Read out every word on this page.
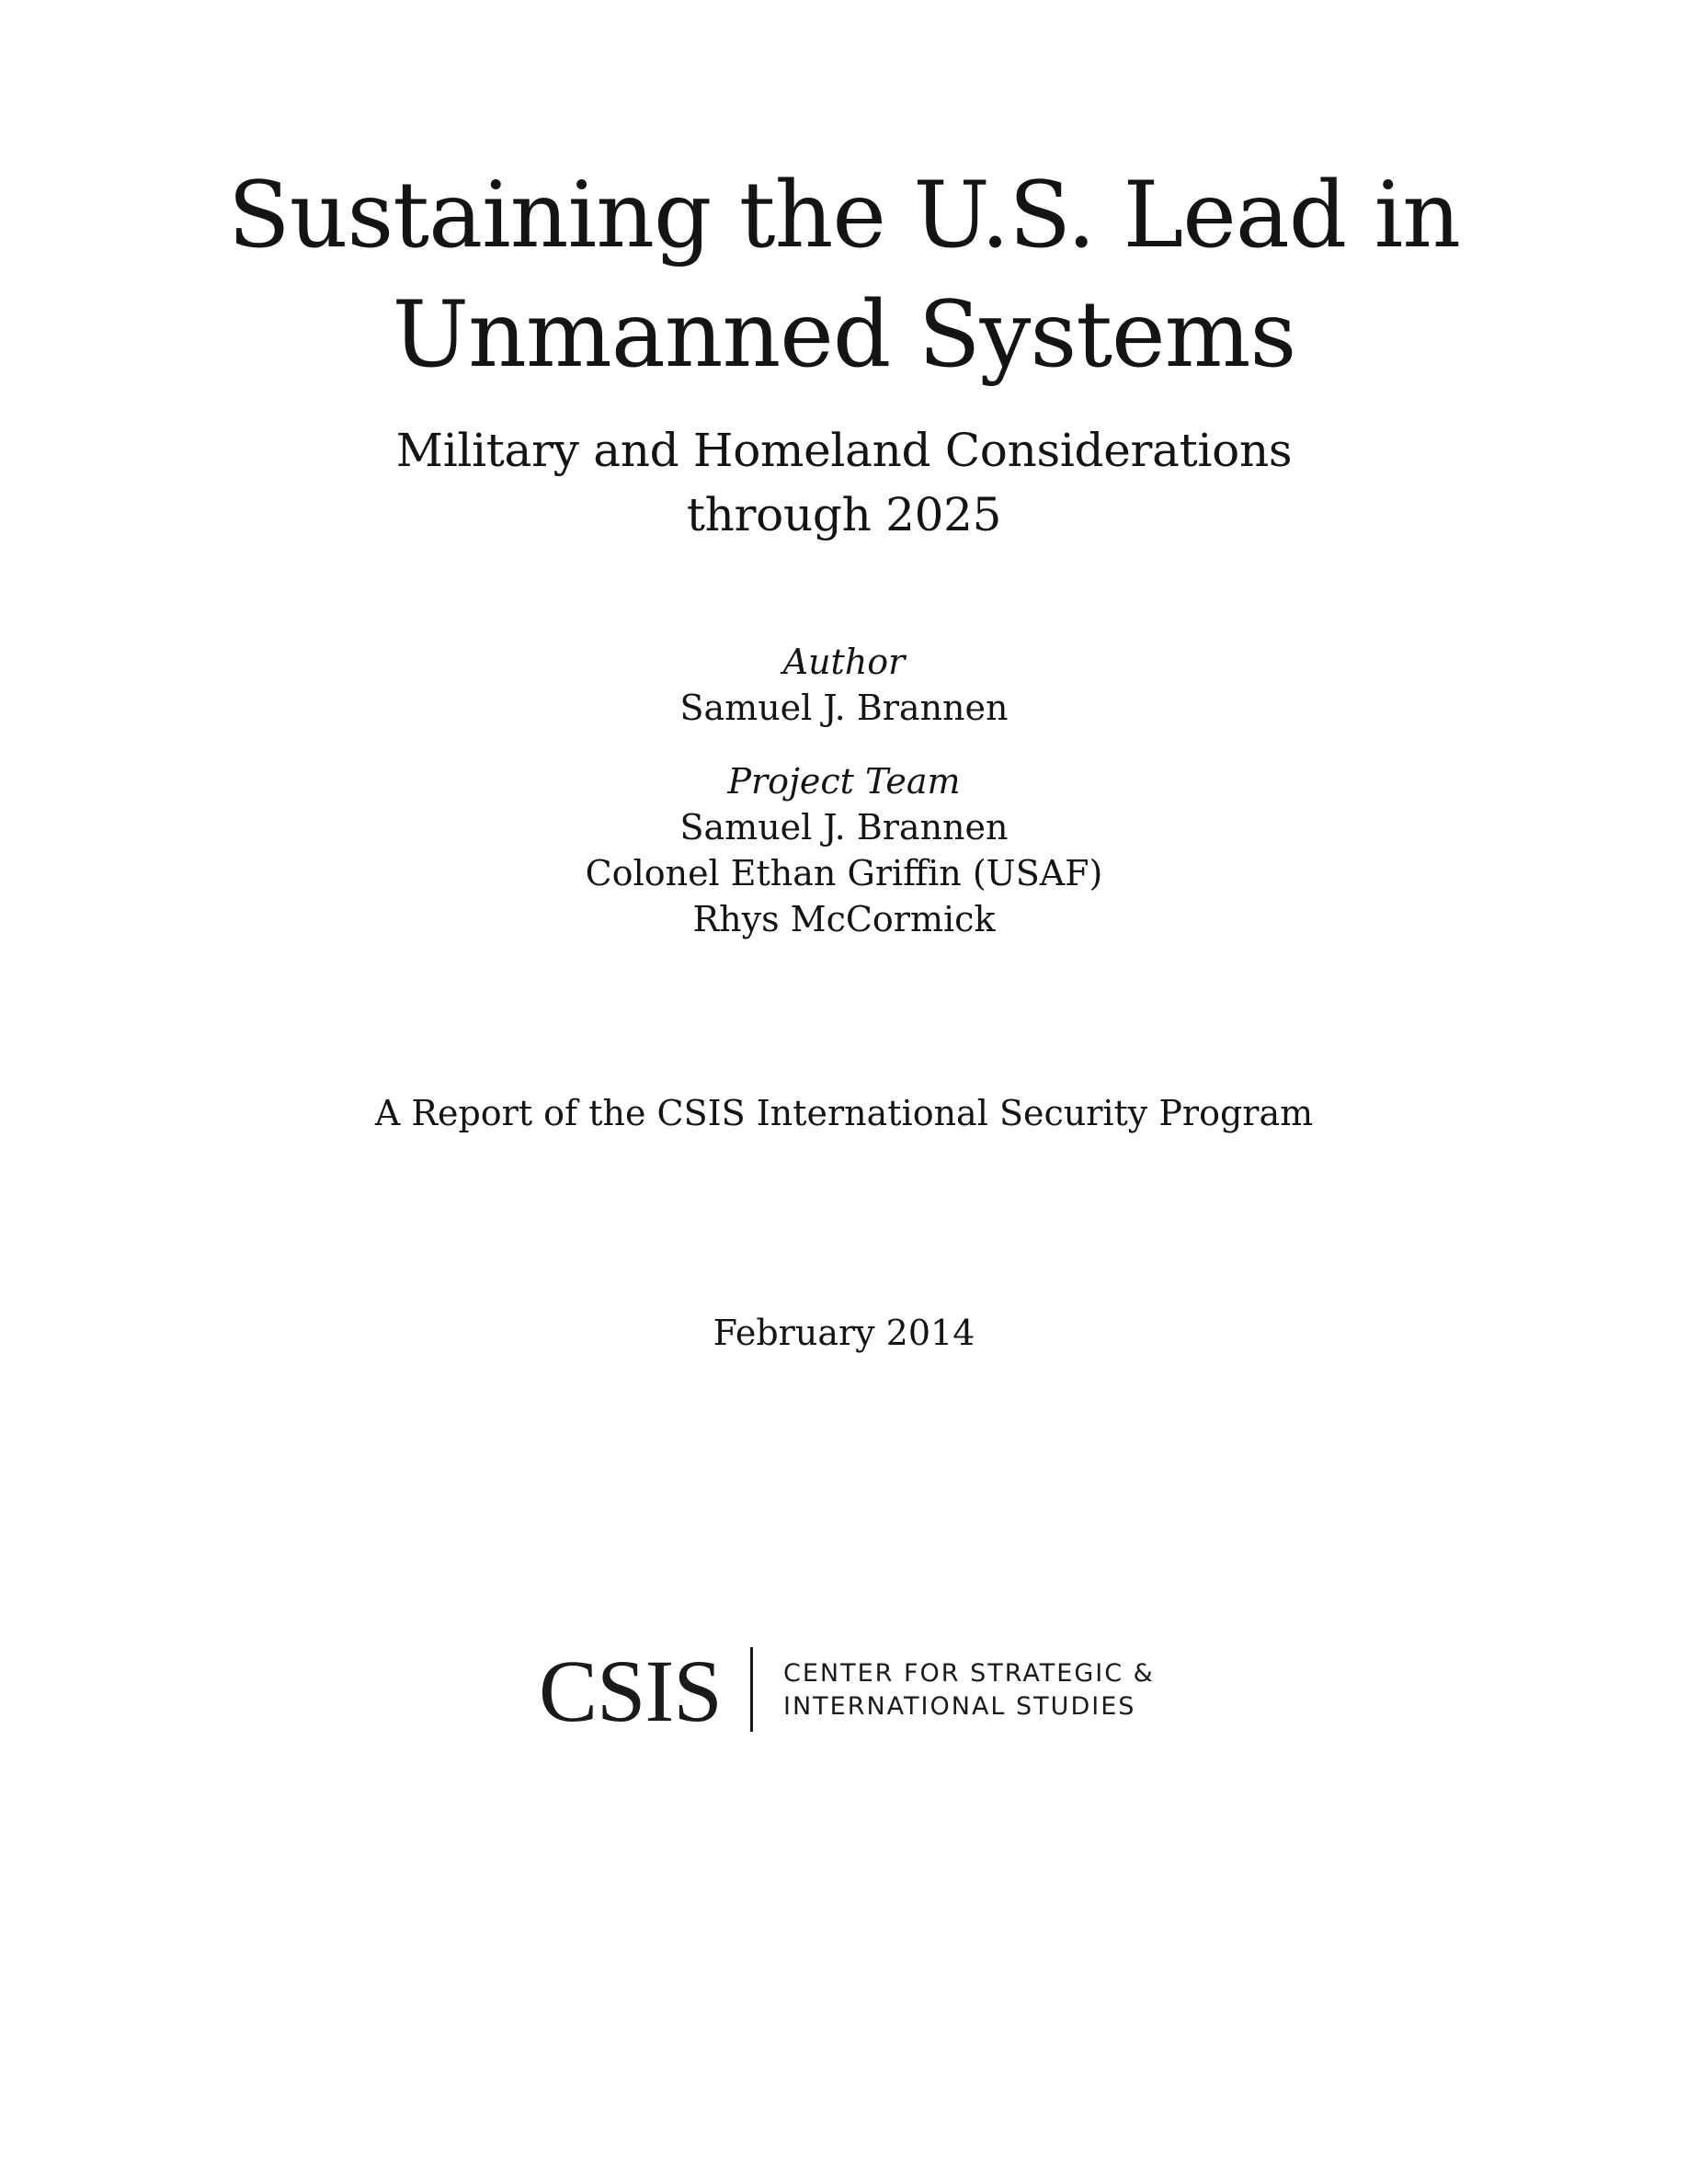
Sustaining the U.S. Lead in
Unmanned Systems
Military and Homeland Considerations
through 2025
Author
Samuel J. Brannen
Project Team
Samuel J. Brannen
Colonel Ethan Griffin (USAF)
Rhys McCormick
A Report of the CSIS International Security Program
February 2014
CSIS CENTER FOR STRATEGIC &
INTERNATIONAL STUDIES
